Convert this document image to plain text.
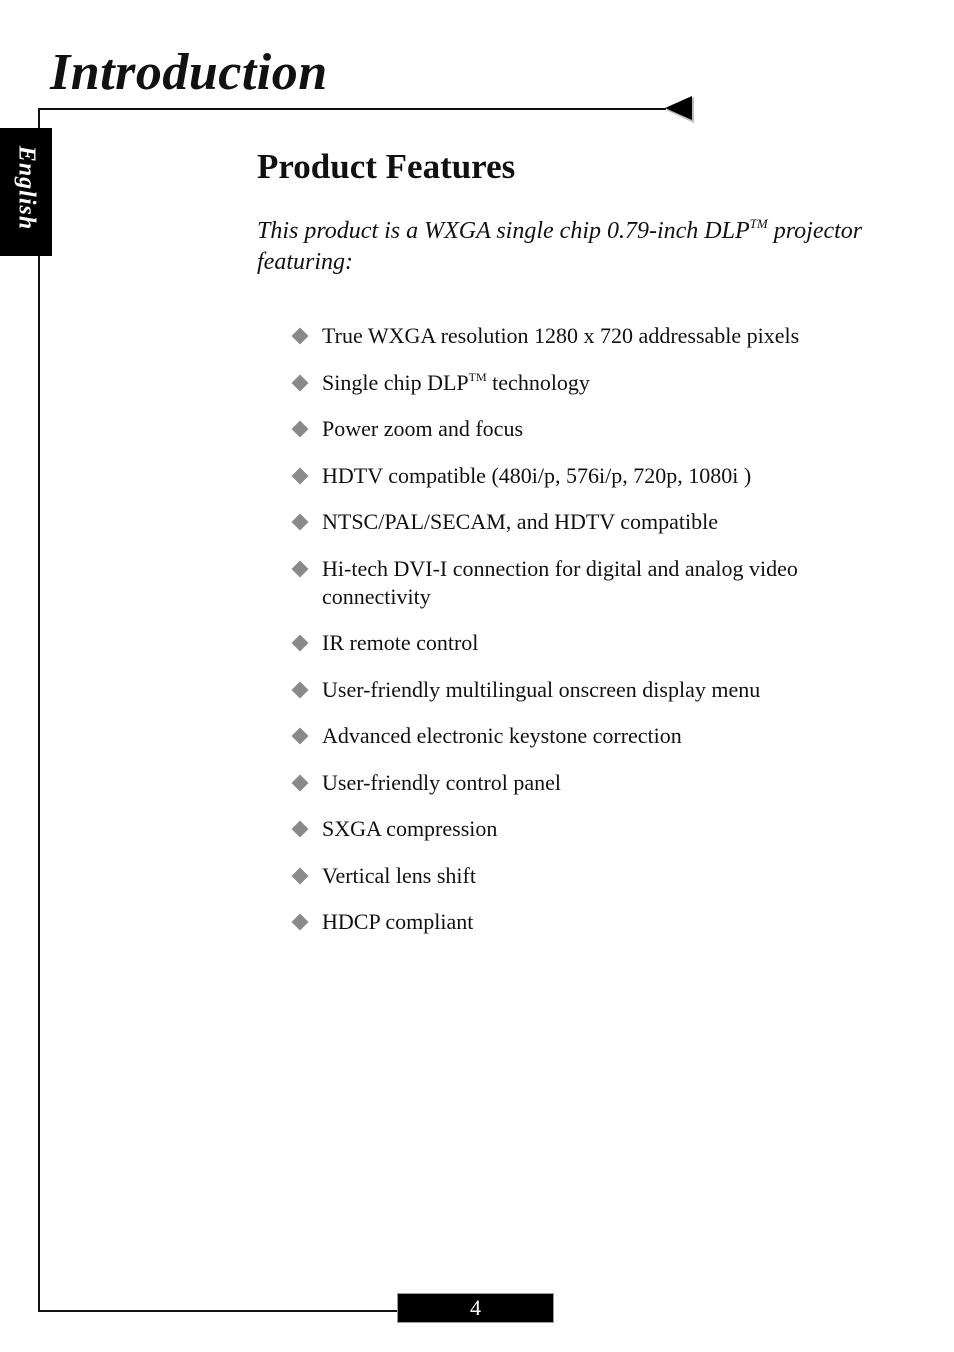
Introduction
English	Product Features

This product is a WXGA single chip 0.79-inch DLP™ projector featuring:

True WXGA resolution 1280 x 720 addressable pixels
Single chip DLP™ technology
Power zoom and focus
HDTV compatible (480i/p, 576i/p, 720p, 1080i )
NTSC/PAL/SECAM, and HDTV compatible
Hi-tech DVI-I connection for digital and analog video connectivity
IR remote control
User-friendly multilingual onscreen display menu
Advanced electronic keystone correction
User-friendly control panel
SXGA compression
Vertical lens shift
HDCP compliant
4
